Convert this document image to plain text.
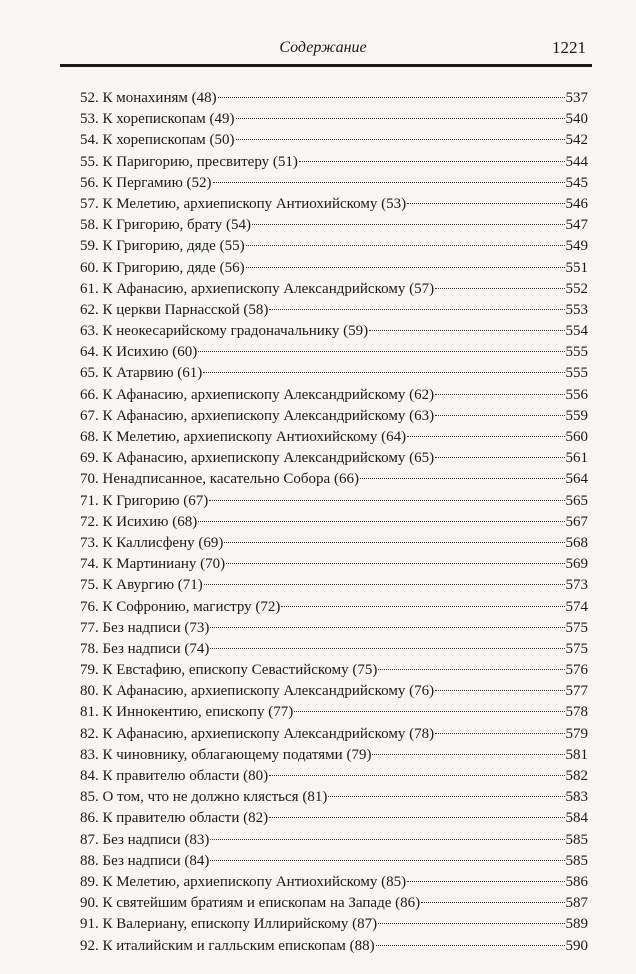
Содержание	1221
52. К монахиням (48)	537
53. К хорепископам (49)	540
54. К хорепископам (50)	542
55. К Паригорию, пресвитеру (51)	544
56. К Пергамию (52)	545
57. К Мелетию, архиепископу Антиохийскому (53)	546
58. К Григорию, брату (54)	547
59. К Григорию, дяде (55)	549
60. К Григорию, дяде (56)	551
61. К Афанасию, архиепископу Александрийскому (57)	552
62. К церкви Парнасской (58)	553
63. К неокесарийскому градоначальнику (59)	554
64. К Исихию (60)	555
65. К Атарвию (61)	555
66. К Афанасию, архиепископу Александрийскому (62)	556
67. К Афанасию, архиепископу Александрийскому (63)	559
68. К Мелетию, архиепископу Антиохийскому (64)	560
69. К Афанасию, архиепископу Александрийскому (65)	561
70. Ненадписанное, касательно Собора (66)	564
71. К Григорию (67)	565
72. К Исихию (68)	567
73. К Каллисфену (69)	568
74. К Мартиниану (70)	569
75. К Авургию (71)	573
76. К Софронию, магистру (72)	574
77. Без надписи (73)	575
78. Без надписи (74)	575
79. К Евстафию, епископу Севастийскому (75)	576
80. К Афанасию, архиепископу Александрийскому (76)	577
81. К Иннокентию, епископу (77)	578
82. К Афанасию, архиепископу Александрийскому (78)	579
83. К чиновнику, облагающему податями (79)	581
84. К правителю области (80)	582
85. О том, что не должно клясться (81)	583
86. К правителю области (82)	584
87. Без надписи (83)	585
88. Без надписи (84)	585
89. К Мелетию, архиепископу Антиохийскому (85)	586
90. К святейшим братиям и епископам на Западе (86)	587
91. К Валериану, епископу Иллирийскому (87)	589
92. К италийским и галльским епископам (88)	590
